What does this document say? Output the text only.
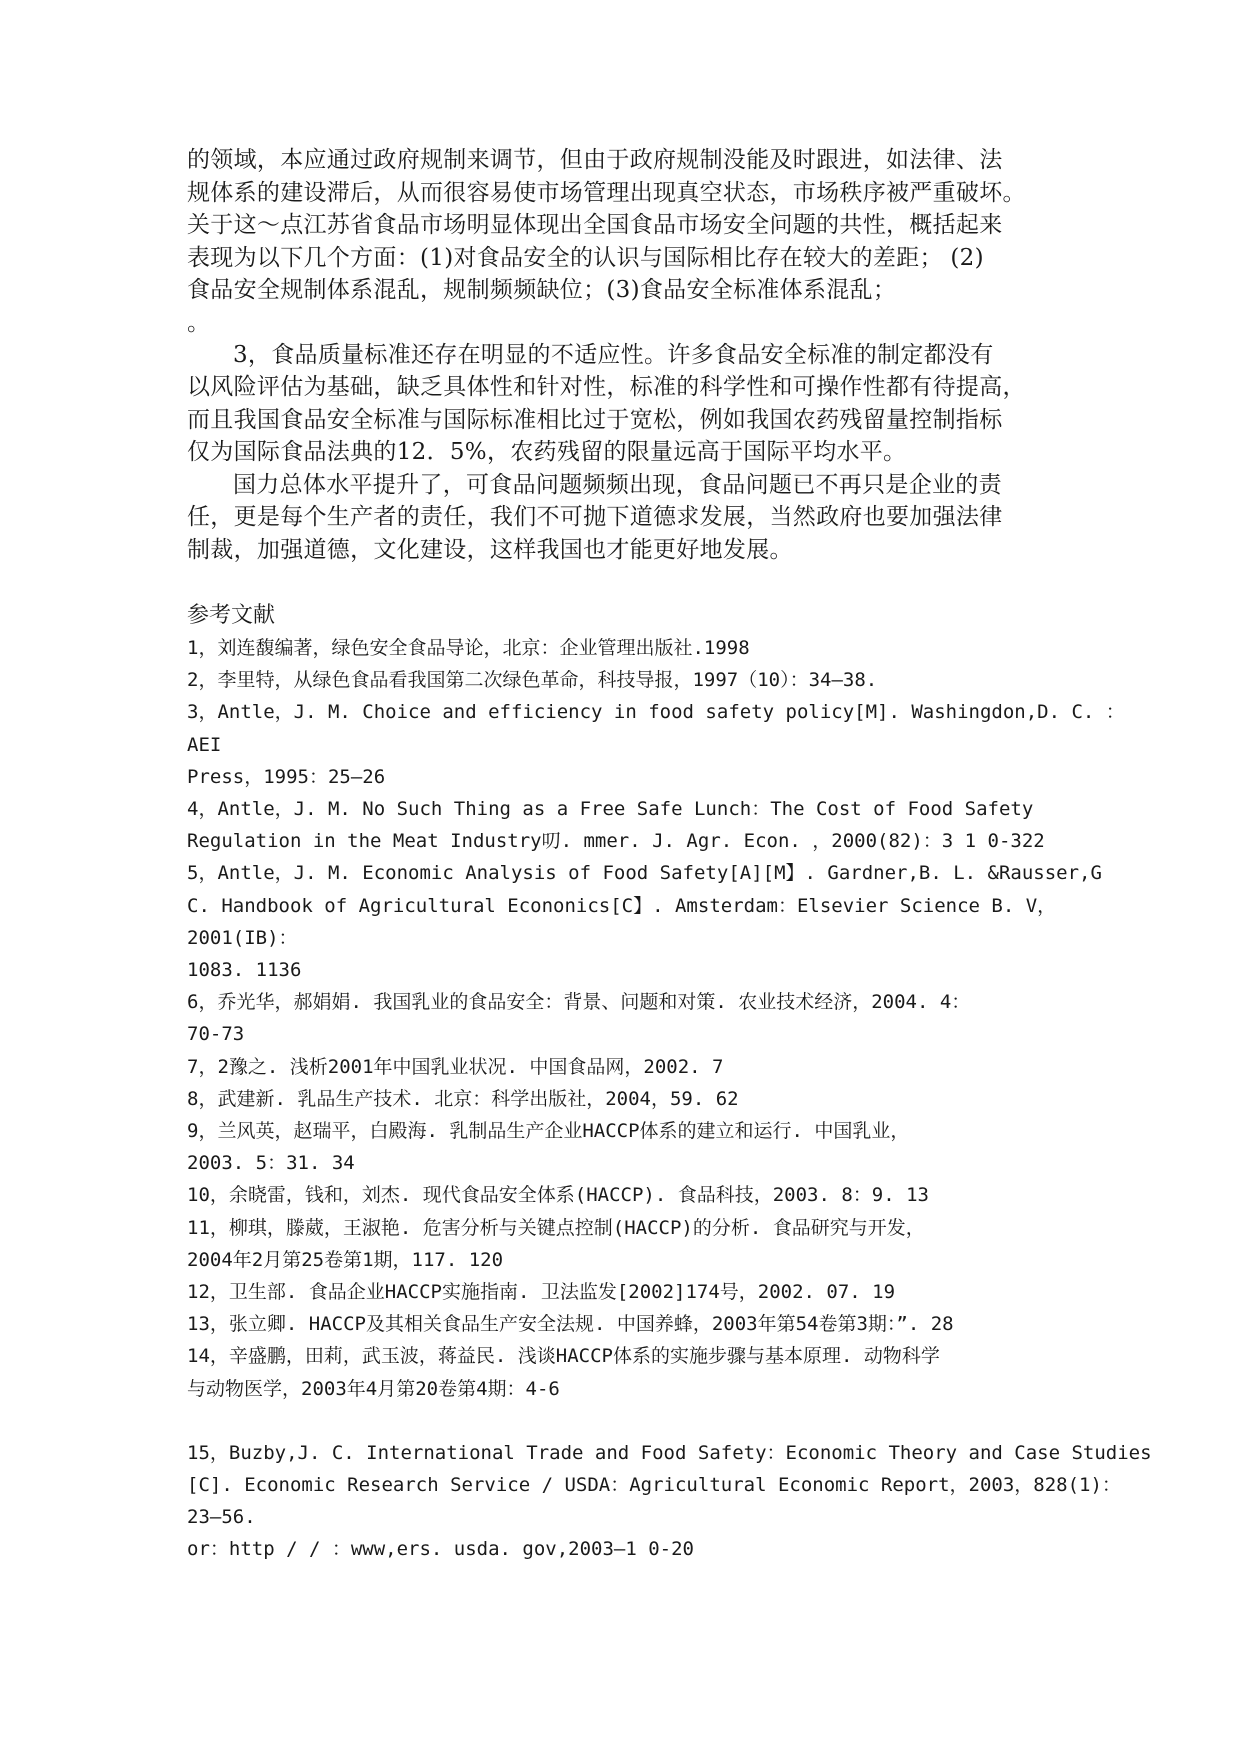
的领域，本应通过政府规制来调节，但由于政府规制没能及时跟进，如法律、法
规体系的建设滞后，从而很容易使市场管理出现真空状态，市场秩序被严重破坏。
关于这～点江苏省食品市场明显体现出全国食品市场安全问题的共性，概括起来
表现为以下几个方面：(1)对食品安全的认识与国际相比存在较大的差距； (2)
食品安全规制体系混乱，规制频频缺位；(3)食品安全标准体系混乱；

。

3，食品质量标准还存在明显的不适应性。许多食品安全标准的制定都没有
以风险评估为基础，缺乏具体性和针对性，标准的科学性和可操作性都有待提高，
而且我国食品安全标准与国际标准相比过于宽松，例如我国农药残留量控制指标
仅为国际食品法典的12．5%，农药残留的限量远高于国际平均水平。

国力总体水平提升了，可食品问题频频出现，食品问题已不再只是企业的责
任，更是每个生产者的责任，我们不可抛下道德求发展，当然政府也要加强法律
制裁，加强道德，文化建设，这样我国也才能更好地发展。

参考文献
1，刘连馥编著，绿色安全食品导论，北京：企业管理出版社.1998
2，李里特，从绿色食品看我国第二次绿色革命，科技导报，1997（10）：34—38.
3，Antle，J. M. Choice and efficiency in food safety policy[M]. Washingdon,D. C. ：
AEI
Press，1995：25—26
4，Antle，J. M. No Such Thing as a Free Safe Lunch：The Cost of Food Safety
Regulation in the Meat Industry叨. mmer. J. Agr. Econ. ，2000(82)：3 1 0-322
5，Antle，J. M. Economic Analysis of Food Safety[A][M】. Gardner,B. L. &Rausser,G
C. Handbook of Agricultural Econonics[C】. Amsterdam：Elsevier Science B. V，
2001(IB)：
1083. 1136
6，乔光华，郝娟娟. 我国乳业的食品安全：背景、问题和对策. 农业技术经济，2004. 4：
70-73
7，2豫之. 浅析2001年中国乳业状况. 中国食品网，2002. 7
8，武建新. 乳品生产技术. 北京：科学出版社，2004，59. 62
9，兰风英，赵瑞平，白殿海. 乳制品生产企业HACCP体系的建立和运行. 中国乳业，
2003. 5：31. 34
10，余晓雷，钱和，刘杰. 现代食品安全体系(HACCP). 食品科技，2003. 8：9. 13
11，柳琪，滕葳，王淑艳. 危害分析与关键点控制(HACCP)的分析. 食品研究与开发，
2004年2月第25卷第1期，117. 120
12，卫生部. 食品企业HACCP实施指南. 卫法监发[2002]174号，2002. 07. 19
13，张立卿. HACCP及其相关食品生产安全法规. 中国养蜂，2003年第54卷第3期：”. 28
14，辛盛鹏，田莉，武玉波，蒋益民. 浅谈HACCP体系的实施步骤与基本原理. 动物科学
与动物医学，2003年4月第20卷第4期：4-6
15，Buzby,J. C. International Trade and Food Safety：Economic Theory and Case Studies
[C]. Economic Research Service / USDA：Agricultural Economic Report，2003，828(1)：
23—56.
or：http / / ：www,ers. usda. gov,2003—1 0-20
